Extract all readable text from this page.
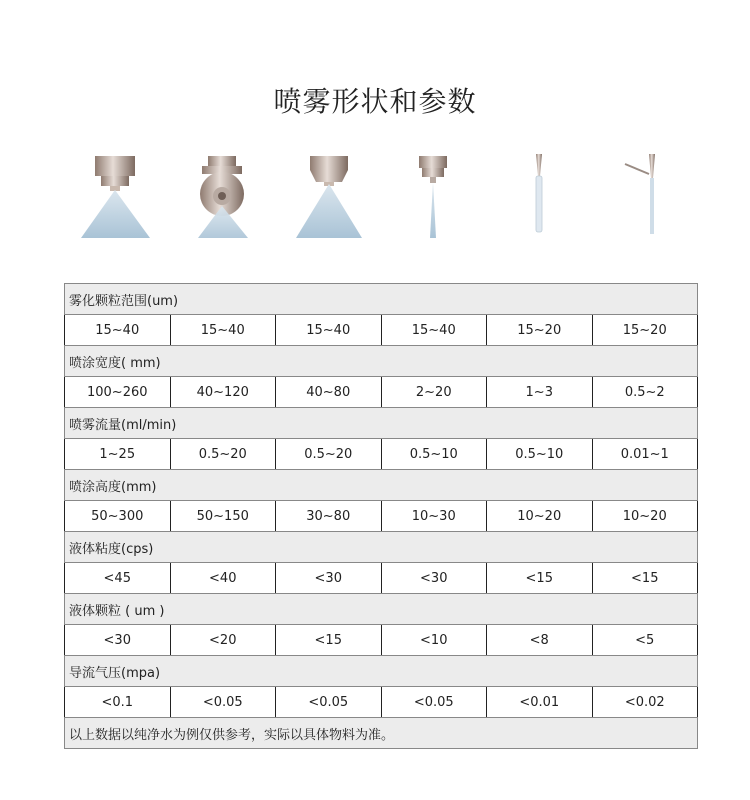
喷雾形状和参数
雾化颗粒范围(um)
15~40	15~40	15~40	15~40	15~20	15~20
喷涂宽度( mm)
100~260	40~120	40~80	2~20	1~3	0.5~2
喷雾流量(ml/min)
1~25	0.5~20	0.5~20	0.5~10	0.5~10	0.01~1
喷涂高度(mm)
50~300	50~150	30~80	10~30	10~20	10~20
液体粘度(cps)
<45	<40	<30	<30	<15	<15
液体颗粒 ( um )
<30	<20	<15	<10	<8	<5
导流气压(mpa)
<0.1	<0.05	<0.05	<0.05	<0.01	<0.02
以上数据以纯净水为例仅供参考，实际以具体物料为准。
